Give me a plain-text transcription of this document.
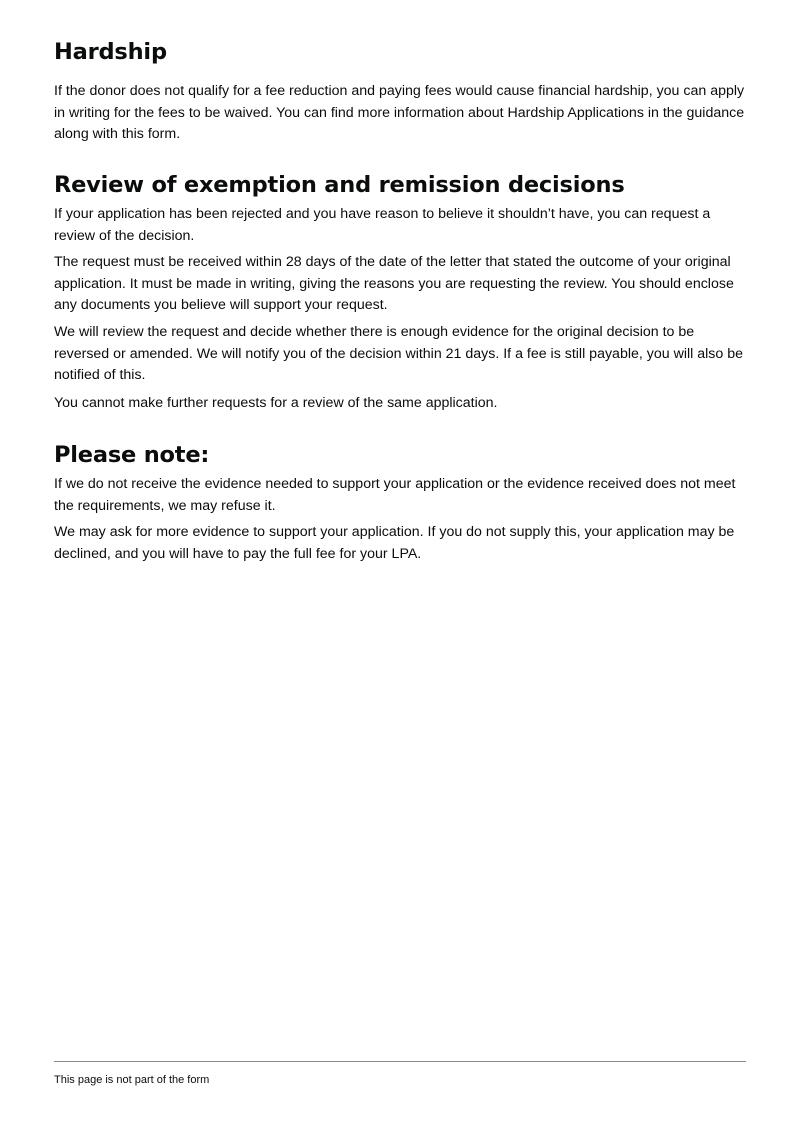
Hardship

If the donor does not qualify for a fee reduction and paying fees would cause financial hardship, you can apply in writing for the fees to be waived. You can find more information about Hardship Applications in the guidance along with this form.

Review of exemption and remission decisions

If your application has been rejected and you have reason to believe it shouldn’t have, you can request a review of the decision.

The request must be received within 28 days of the date of the letter that stated the outcome of your original application. It must be made in writing, giving the reasons you are requesting the review. You should enclose any documents you believe will support your request.

We will review the request and decide whether there is enough evidence for the original decision to be reversed or amended. We will notify you of the decision within 21 days. If a fee is still payable, you will also be notified of this.

You cannot make further requests for a review of the same application.

Please note:

If we do not receive the evidence needed to support your application or the evidence received does not meet the requirements, we may refuse it.

We may ask for more evidence to support your application. If you do not supply this, your application may be declined, and you will have to pay the full fee for your LPA.

This page is not part of the form
